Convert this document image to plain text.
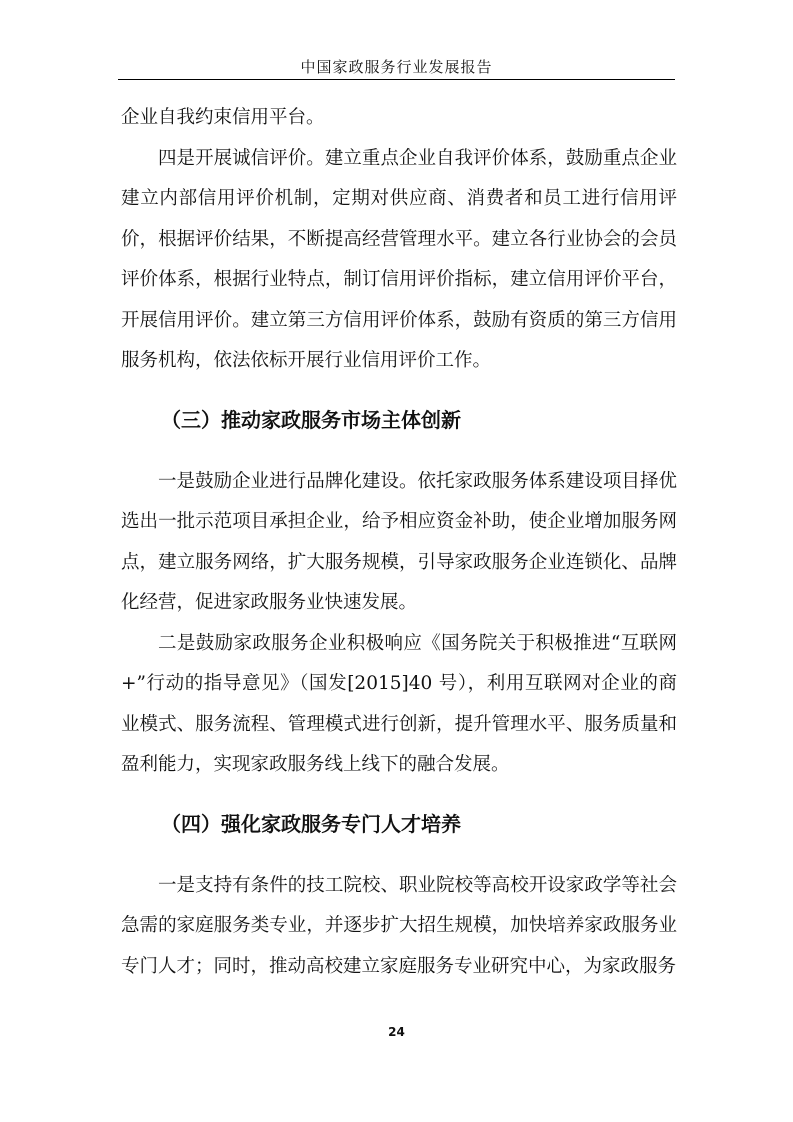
中国家政服务行业发展报告

企业自我约束信用平台。

四是开展诚信评价。建立重点企业自我评价体系，鼓励重点企业建立内部信用评价机制，定期对供应商、消费者和员工进行信用评价，根据评价结果，不断提高经营管理水平。建立各行业协会的会员评价体系，根据行业特点，制订信用评价指标，建立信用评价平台，开展信用评价。建立第三方信用评价体系，鼓励有资质的第三方信用服务机构，依法依标开展行业信用评价工作。

（三）推动家政服务市场主体创新

一是鼓励企业进行品牌化建设。依托家政服务体系建设项目择优选出一批示范项目承担企业，给予相应资金补助，使企业增加服务网点，建立服务网络，扩大服务规模，引导家政服务企业连锁化、品牌化经营，促进家政服务业快速发展。

二是鼓励家政服务企业积极响应《国务院关于积极推进“互联网+”行动的指导意见》（国发[2015]40 号），利用互联网对企业的商业模式、服务流程、管理模式进行创新，提升管理水平、服务质量和盈利能力，实现家政服务线上线下的融合发展。

（四）强化家政服务专门人才培养

一是支持有条件的技工院校、职业院校等高校开设家政学等社会急需的家庭服务类专业，并逐步扩大招生规模，加快培养家政服务业专门人才；同时，推动高校建立家庭服务专业研究中心，为家政服务

24
